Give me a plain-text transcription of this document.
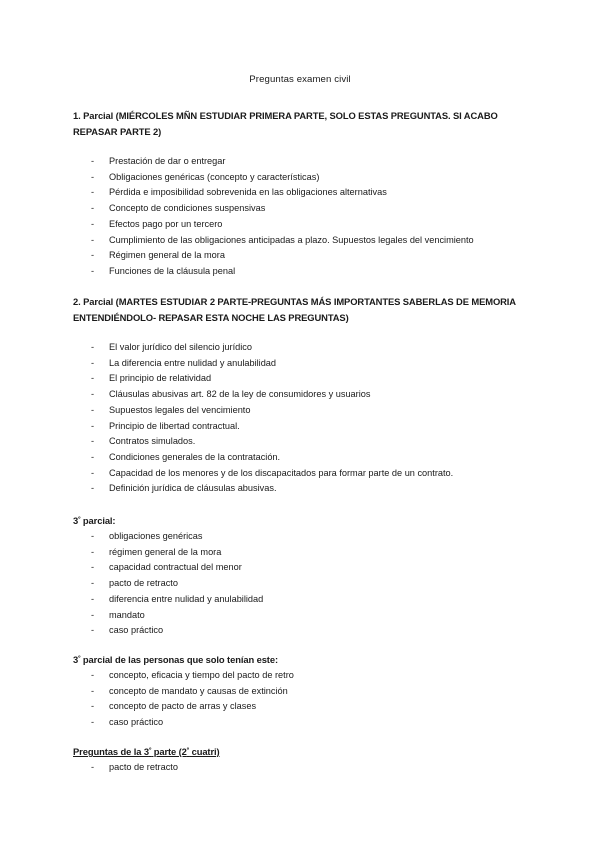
Preguntas examen civil

1. Parcial (MIÉRCOLES MÑN ESTUDIAR PRIMERA PARTE, SOLO ESTAS PREGUNTAS. SI ACABO
REPASAR PARTE 2)

- Prestación de dar o entregar
- Obligaciones genéricas (concepto y características)
- Pérdida e imposibilidad sobrevenida en las obligaciones alternativas
- Concepto de condiciones suspensivas
- Efectos pago por un tercero
- Cumplimiento de las obligaciones anticipadas a plazo. Supuestos legales del vencimiento
- Régimen general de la mora
- Funciones de la cláusula penal

2. Parcial (MARTES ESTUDIAR 2 PARTE-PREGUNTAS MÁS IMPORTANTES SABERLAS DE MEMORIA
ENTENDIÉNDOLO- REPASAR ESTA NOCHE LAS PREGUNTAS)

- El valor jurídico del silencio jurídico
- La diferencia entre nulidad y anulabilidad
- El principio de relatividad
- Cláusulas abusivas art. 82 de la ley de consumidores y usuarios
- Supuestos legales del vencimiento
- Principio de libertad contractual.
- Contratos simulados.
- Condiciones generales de la contratación.
- Capacidad de los menores y de los discapacitados para formar parte de un contrato.
- Definición jurídica de cláusulas abusivas.

$3^º$ parcial:

- obligaciones genéricas
- régimen general de la mora
- capacidad contractual del menor
- pacto de retracto
- diferencia entre nulidad y anulabilidad
- mandato
- caso práctico

$3^º$ parcial de las personas que solo tenían este:

- concepto, eficacia y tiempo del pacto de retro
- concepto de mandato y causas de extinción
- concepto de pacto de arras y clases
- caso práctico

Preguntas de la $3^º$ parte ($2^º$ cuatri)

- pacto de retracto
